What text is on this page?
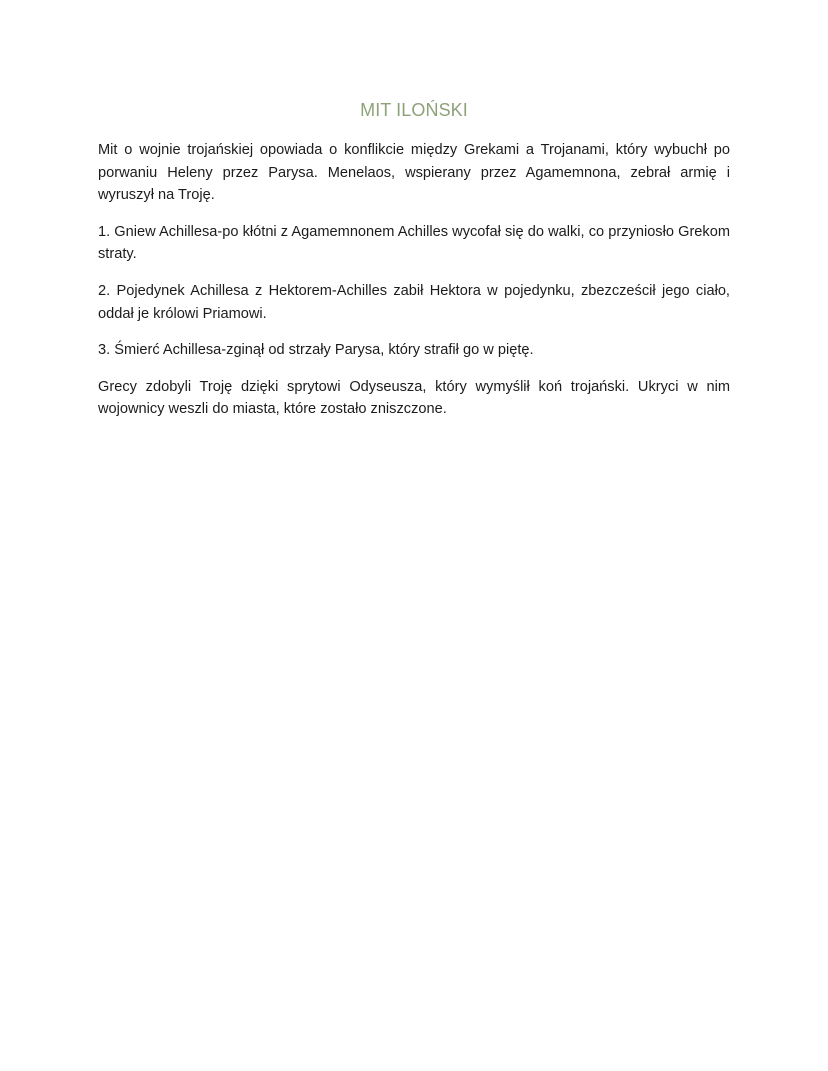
MIT ILOŃSKI

Mit o wojnie trojańskiej opowiada o konflikcie między Grekami a Trojanami, który wybuchł po porwaniu Heleny przez Parysa. Menelaos, wspierany przez Agamemnona, zebrał armię i wyruszył na Troję.

1. Gniew Achillesa-po kłótni z Agamemnonem Achilles wycofał się do walki, co przyniosło Grekom straty.

2. Pojedynek Achillesa z Hektorem-Achilles zabił Hektora w pojedynku, zbezcześcił jego ciało, oddał je królowi Priamowi.

3. Śmierć Achillesa-zginął od strzały Parysa, który strafił go w piętę.

Grecy zdobyli Troję dzięki sprytowi Odyseusza, który wymyślił koń trojański. Ukryci w nim wojownicy weszli do miasta, które zostało zniszczone.
